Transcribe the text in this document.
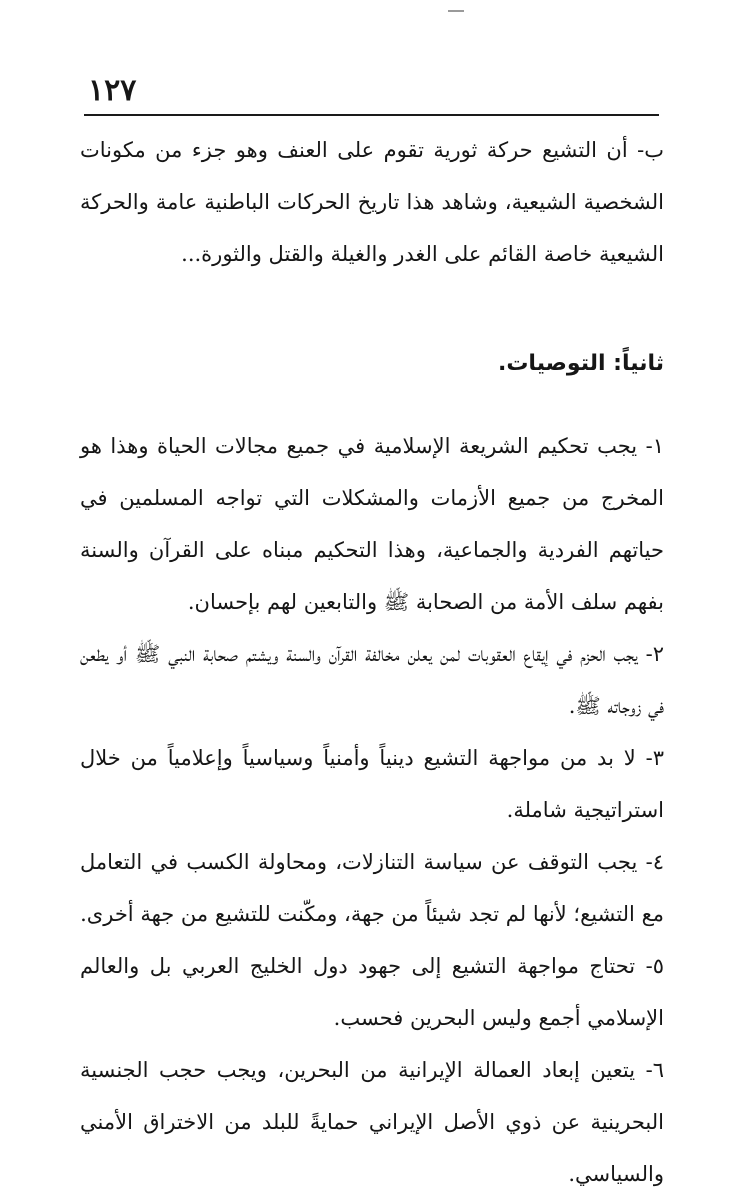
١٢٧

ب- أن التشيع حركة ثورية تقوم على العنف وهو جزء من مكونات الشخصية الشيعية، وشاهد هذا تاريخ الحركات الباطنية عامة والحركة الشيعية خاصة القائم على الغدر والغيلة والقتل والثورة...

ثانياً: التوصيات.

١- يجب تحكيم الشريعة الإسلامية في جميع مجالات الحياة وهذا هو المخرج من جميع الأزمات والمشكلات التي تواجه المسلمين في حياتهم الفردية والجماعية، وهذا التحكيم مبناه على القرآن والسنة بفهم سلف الأمة من الصحابة ﷺ والتابعين لهم بإحسان.

٢- يجب الحزم في إيقاع العقوبات لمن يعلن مخالفة القرآن والسنة ويشتم صحابة النبي ﷺ أو يطعن في زوجاته ﷺ.

٣- لا بد من مواجهة التشيع دينياً وأمنياً وسياسياً وإعلامياً من خلال استراتيجية شاملة.

٤- يجب التوقف عن سياسة التنازلات، ومحاولة الكسب في التعامل مع التشيع؛ لأنها لم تجد شيئاً من جهة، ومكّنت للتشيع من جهة أخرى.

٥- تحتاج مواجهة التشيع إلى جهود دول الخليج العربي بل والعالم الإسلامي أجمع وليس البحرين فحسب.

٦- يتعين إبعاد العمالة الإيرانية من البحرين، ويجب حجب الجنسية البحرينية عن ذوي الأصل الإيراني حمايةً للبلد من الاختراق الأمني والسياسي.
